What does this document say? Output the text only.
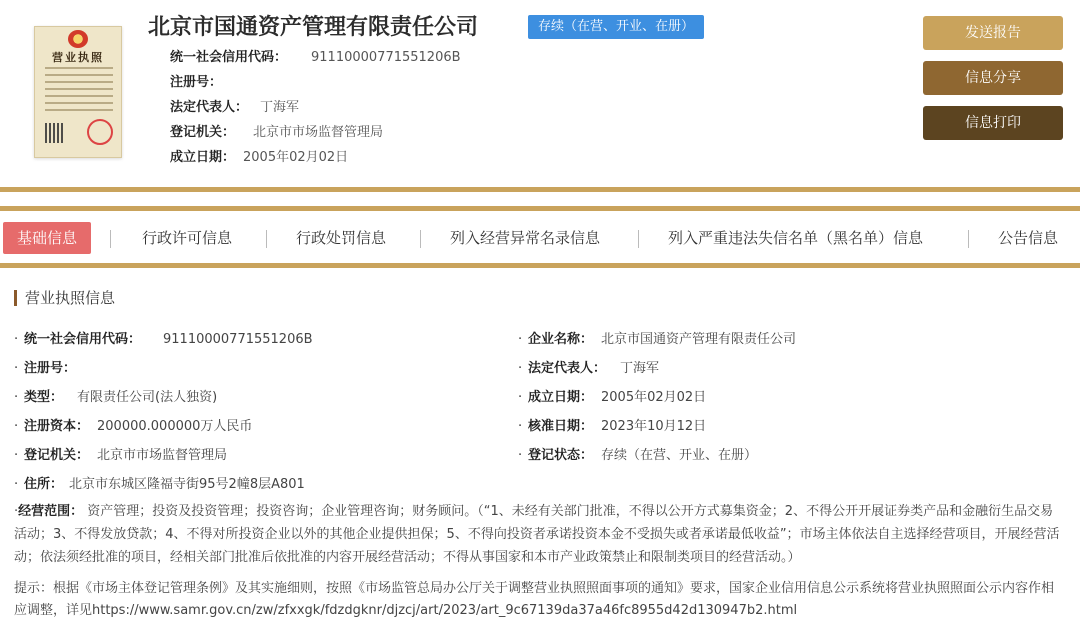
营业执照
北京市国通资产管理有限责任公司	存续（在营、开业、在册）
统一社会信用代码： 91110000771551206B
注册号：
法定代表人： 丁海军
登记机关： 北京市市场监督管理局
成立日期： 2005年02月02日
发送报告
信息分享
信息打印
基础信息	行政许可信息	行政处罚信息	列入经营异常名录信息	列入严重违法失信名单（黑名单）信息	公告信息
营业执照信息
· 统一社会信用代码： 91110000771551206B
· 注册号：
· 类型： 有限责任公司(法人独资)
· 注册资本： 200000.000000万人民币
· 登记机关： 北京市市场监督管理局
· 住所： 北京市东城区隆福寺街95号2幢8层A801
· 企业名称： 北京市国通资产管理有限责任公司
· 法定代表人： 丁海军
· 成立日期： 2005年02月02日
· 核准日期： 2023年10月12日
· 登记状态： 存续（在营、开业、在册）
·经营范围： 资产管理；投资及投资管理；投资咨询；企业管理咨询；财务顾问。（“1、未经有关部门批准，不得以公开方式募集资金；2、不得公开开展证券类产品和金融衍生品交易活动；3、不得发放贷款；4、不得对所投资企业以外的其他企业提供担保；5、不得向投资者承诺投资本金不受损失或者承诺最低收益”；市场主体依法自主选择经营项目，开展经营活动；依法须经批准的项目，经相关部门批准后依批准的内容开展经营活动；不得从事国家和本市产业政策禁止和限制类项目的经营活动。）
提示：根据《市场主体登记管理条例》及其实施细则，按照《市场监管总局办公厅关于调整营业执照照面事项的通知》要求，国家企业信用信息公示系统将营业执照照面公示内容作相应调整，详见https://www.samr.gov.cn/zw/zfxxgk/fdzdgknr/djzcj/art/2023/art_9c67139da37a46fc8955d42d130947b2.html
